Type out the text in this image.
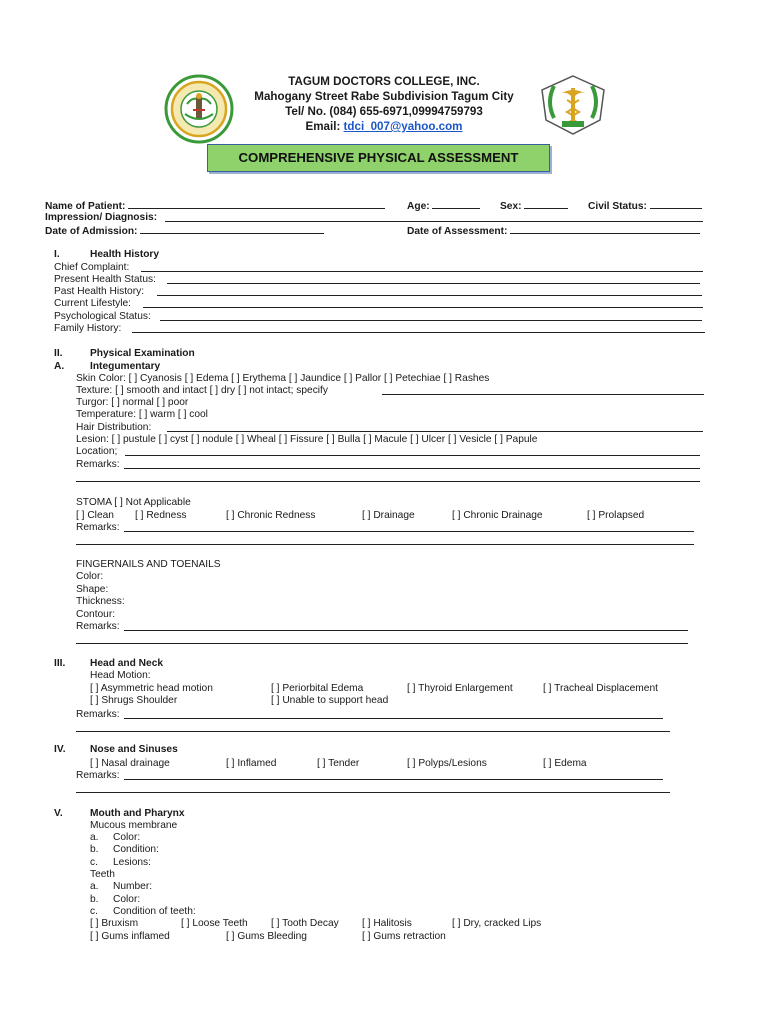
TAGUM DOCTORS COLLEGE, INC.
Mahogany Street Rabe Subdivision Tagum City
Tel/ No. (084) 655-6971,09994759793
Email: tdci_007@yahoo.com
COMPREHENSIVE PHYSICAL ASSESSMENT
Name of Patient:	Age:	Sex:	Civil Status:
Impression/ Diagnosis:
Date of Admission:	Date of Assessment:
I.	Health History
Chief Complaint:
Present Health Status:
Past Health History:
Current Lifestyle:
Psychological Status:
Family History:
II.	Physical Examination
A.	Integumentary
Skin Color: [ ] Cyanosis [ ] Edema [ ] Erythema [ ] Jaundice [ ] Pallor [ ] Petechiae [ ] Rashes
Texture: [ ] smooth and intact [ ] dry [ ] not intact; specify
Turgor: [ ] normal [ ] poor
Temperature: [ ] warm [ ] cool
Hair Distribution:
Lesion: [ ] pustule [ ] cyst [ ] nodule [ ] Wheal [ ] Fissure [ ] Bulla [ ] Macule [ ] Ulcer [ ] Vesicle [ ] Papule
Location;
Remarks:
STOMA [ ] Not Applicable
[ ] Clean [ ] Redness	[ ] Chronic Redness	[ ] Drainage	[ ] Chronic Drainage	[ ] Prolapsed
Remarks:
FINGERNAILS AND TOENAILS
Color:
Shape:
Thickness:
Contour:
Remarks:
III. Head and Neck
Head Motion:
[ ] Asymmetric head motion	[ ] Periorbital Edema	[ ] Thyroid Enlargement	[ ] Tracheal Displacement
[ ] Shrugs Shoulder	[ ] Unable to support head
Remarks:
IV. Nose and Sinuses
[ ] Nasal drainage	[ ] Inflamed	[ ] Tender	[ ] Polyps/Lesions	[ ] Edema
Remarks:
V.	Mouth and Pharynx
Mucous membrane
a. Color:
b. Condition:
c. Lesions:
Teeth
a. Number:
b. Color:
c. Condition of teeth:
[ ] Bruxism	[ ] Loose Teeth [ ] Tooth Decay [ ] Halitosis	[ ] Dry, cracked Lips
[ ] Gums inflamed	[ ] Gums Bleeding	[ ] Gums retraction
